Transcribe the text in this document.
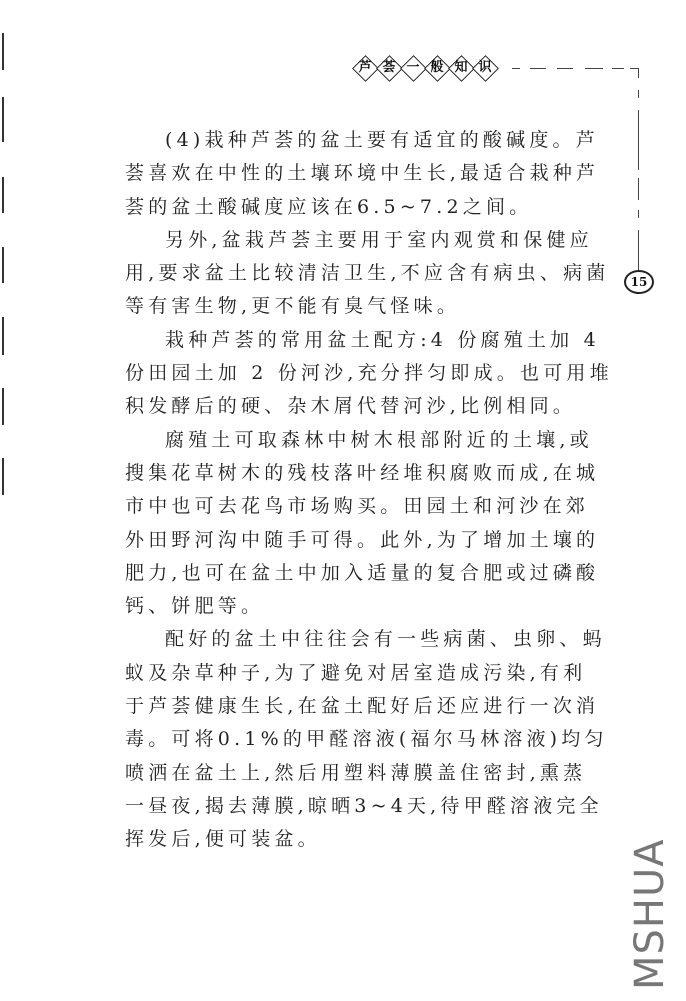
芦 荟 一 般 知 识
15
(4)栽种芦荟的盆土要有适宜的酸碱度。芦
荟喜欢在中性的土壤环境中生长,最适合栽种芦
荟的盆土酸碱度应该在6.5~7.2之间。
另外,盆栽芦荟主要用于室内观赏和保健应
用,要求盆土比较清洁卫生,不应含有病虫、病菌
等有害生物,更不能有臭气怪味。
栽种芦荟的常用盆土配方:4 份腐殖土加 4
份田园土加 2 份河沙,充分拌匀即成。也可用堆
积发酵后的硬、杂木屑代替河沙,比例相同。
腐殖土可取森林中树木根部附近的土壤,或
搜集花草树木的残枝落叶经堆积腐败而成,在城
市中也可去花鸟市场购买。田园土和河沙在郊
外田野河沟中随手可得。此外,为了增加土壤的
肥力,也可在盆土中加入适量的复合肥或过磷酸
钙、饼肥等。
配好的盆土中往往会有一些病菌、虫卵、蚂
蚁及杂草种子,为了避免对居室造成污染,有利
于芦荟健康生长,在盆土配好后还应进行一次消
毒。可将0.1%的甲醛溶液(福尔马林溶液)均匀
喷洒在盆土上,然后用塑料薄膜盖住密封,熏蒸
一昼夜,揭去薄膜,晾晒3~4天,待甲醛溶液完全
挥发后,便可装盆。	MSHUA
